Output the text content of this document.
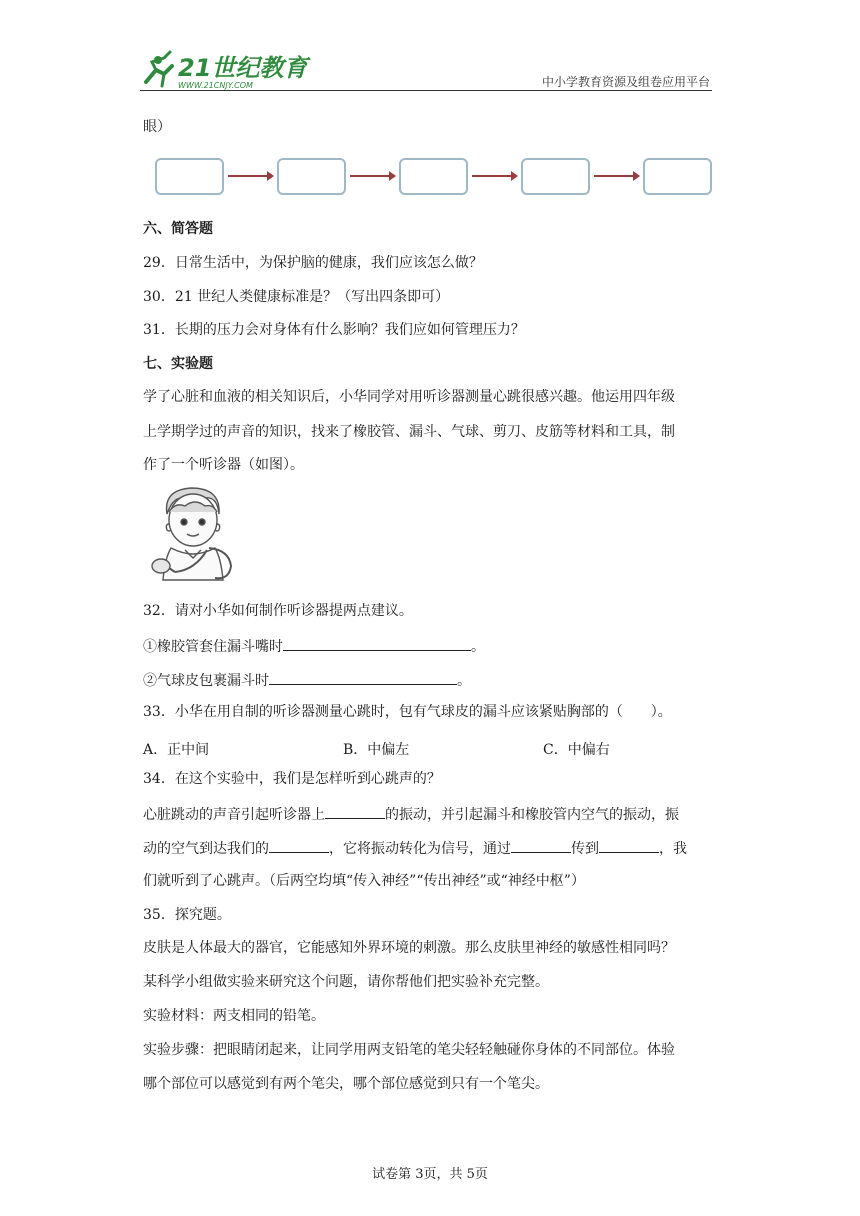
21世纪教育
WWW.21CNJY.COM	中小学教育资源及组卷应用平台
眼）
六、简答题
29．日常生活中，为保护脑的健康，我们应该怎么做？
30．21 世纪人类健康标准是？（写出四条即可）
31．长期的压力会对身体有什么影响？我们应如何管理压力？
七、实验题
学了心脏和血液的相关知识后，小华同学对用听诊器测量心跳很感兴趣。他运用四年级
上学期学过的声音的知识，找来了橡胶管、漏斗、气球、剪刀、皮筋等材料和工具，制
作了一个听诊器（如图）。
32．请对小华如何制作听诊器提两点建议。
①橡胶管套住漏斗嘴时	。
②气球皮包裹漏斗时	。
33．小华在用自制的听诊器测量心跳时，包有气球皮的漏斗应该紧贴胸部的（　　）。
A．正中间	B．中偏左	C．中偏右
34．在这个实验中，我们是怎样听到心跳声的？
心脏跳动的声音引起听诊器上	的振动，并引起漏斗和橡胶管内空气的振动，振
动的空气到达我们的	，它将振动转化为信号，通过	传到	，我
们就听到了心跳声。（后两空均填“传入神经”“传出神经”或“神经中枢”）
35．探究题。
皮肤是人体最大的器官，它能感知外界环境的刺激。那么皮肤里神经的敏感性相同吗？
某科学小组做实验来研究这个问题，请你帮他们把实验补充完整。
实验材料：两支相同的铅笔。
实验步骤：把眼睛闭起来，让同学用两支铅笔的笔尖轻轻触碰你身体的不同部位。体验
哪个部位可以感觉到有两个笔尖，哪个部位感觉到只有一个笔尖。
试卷第 3页，共 5页
